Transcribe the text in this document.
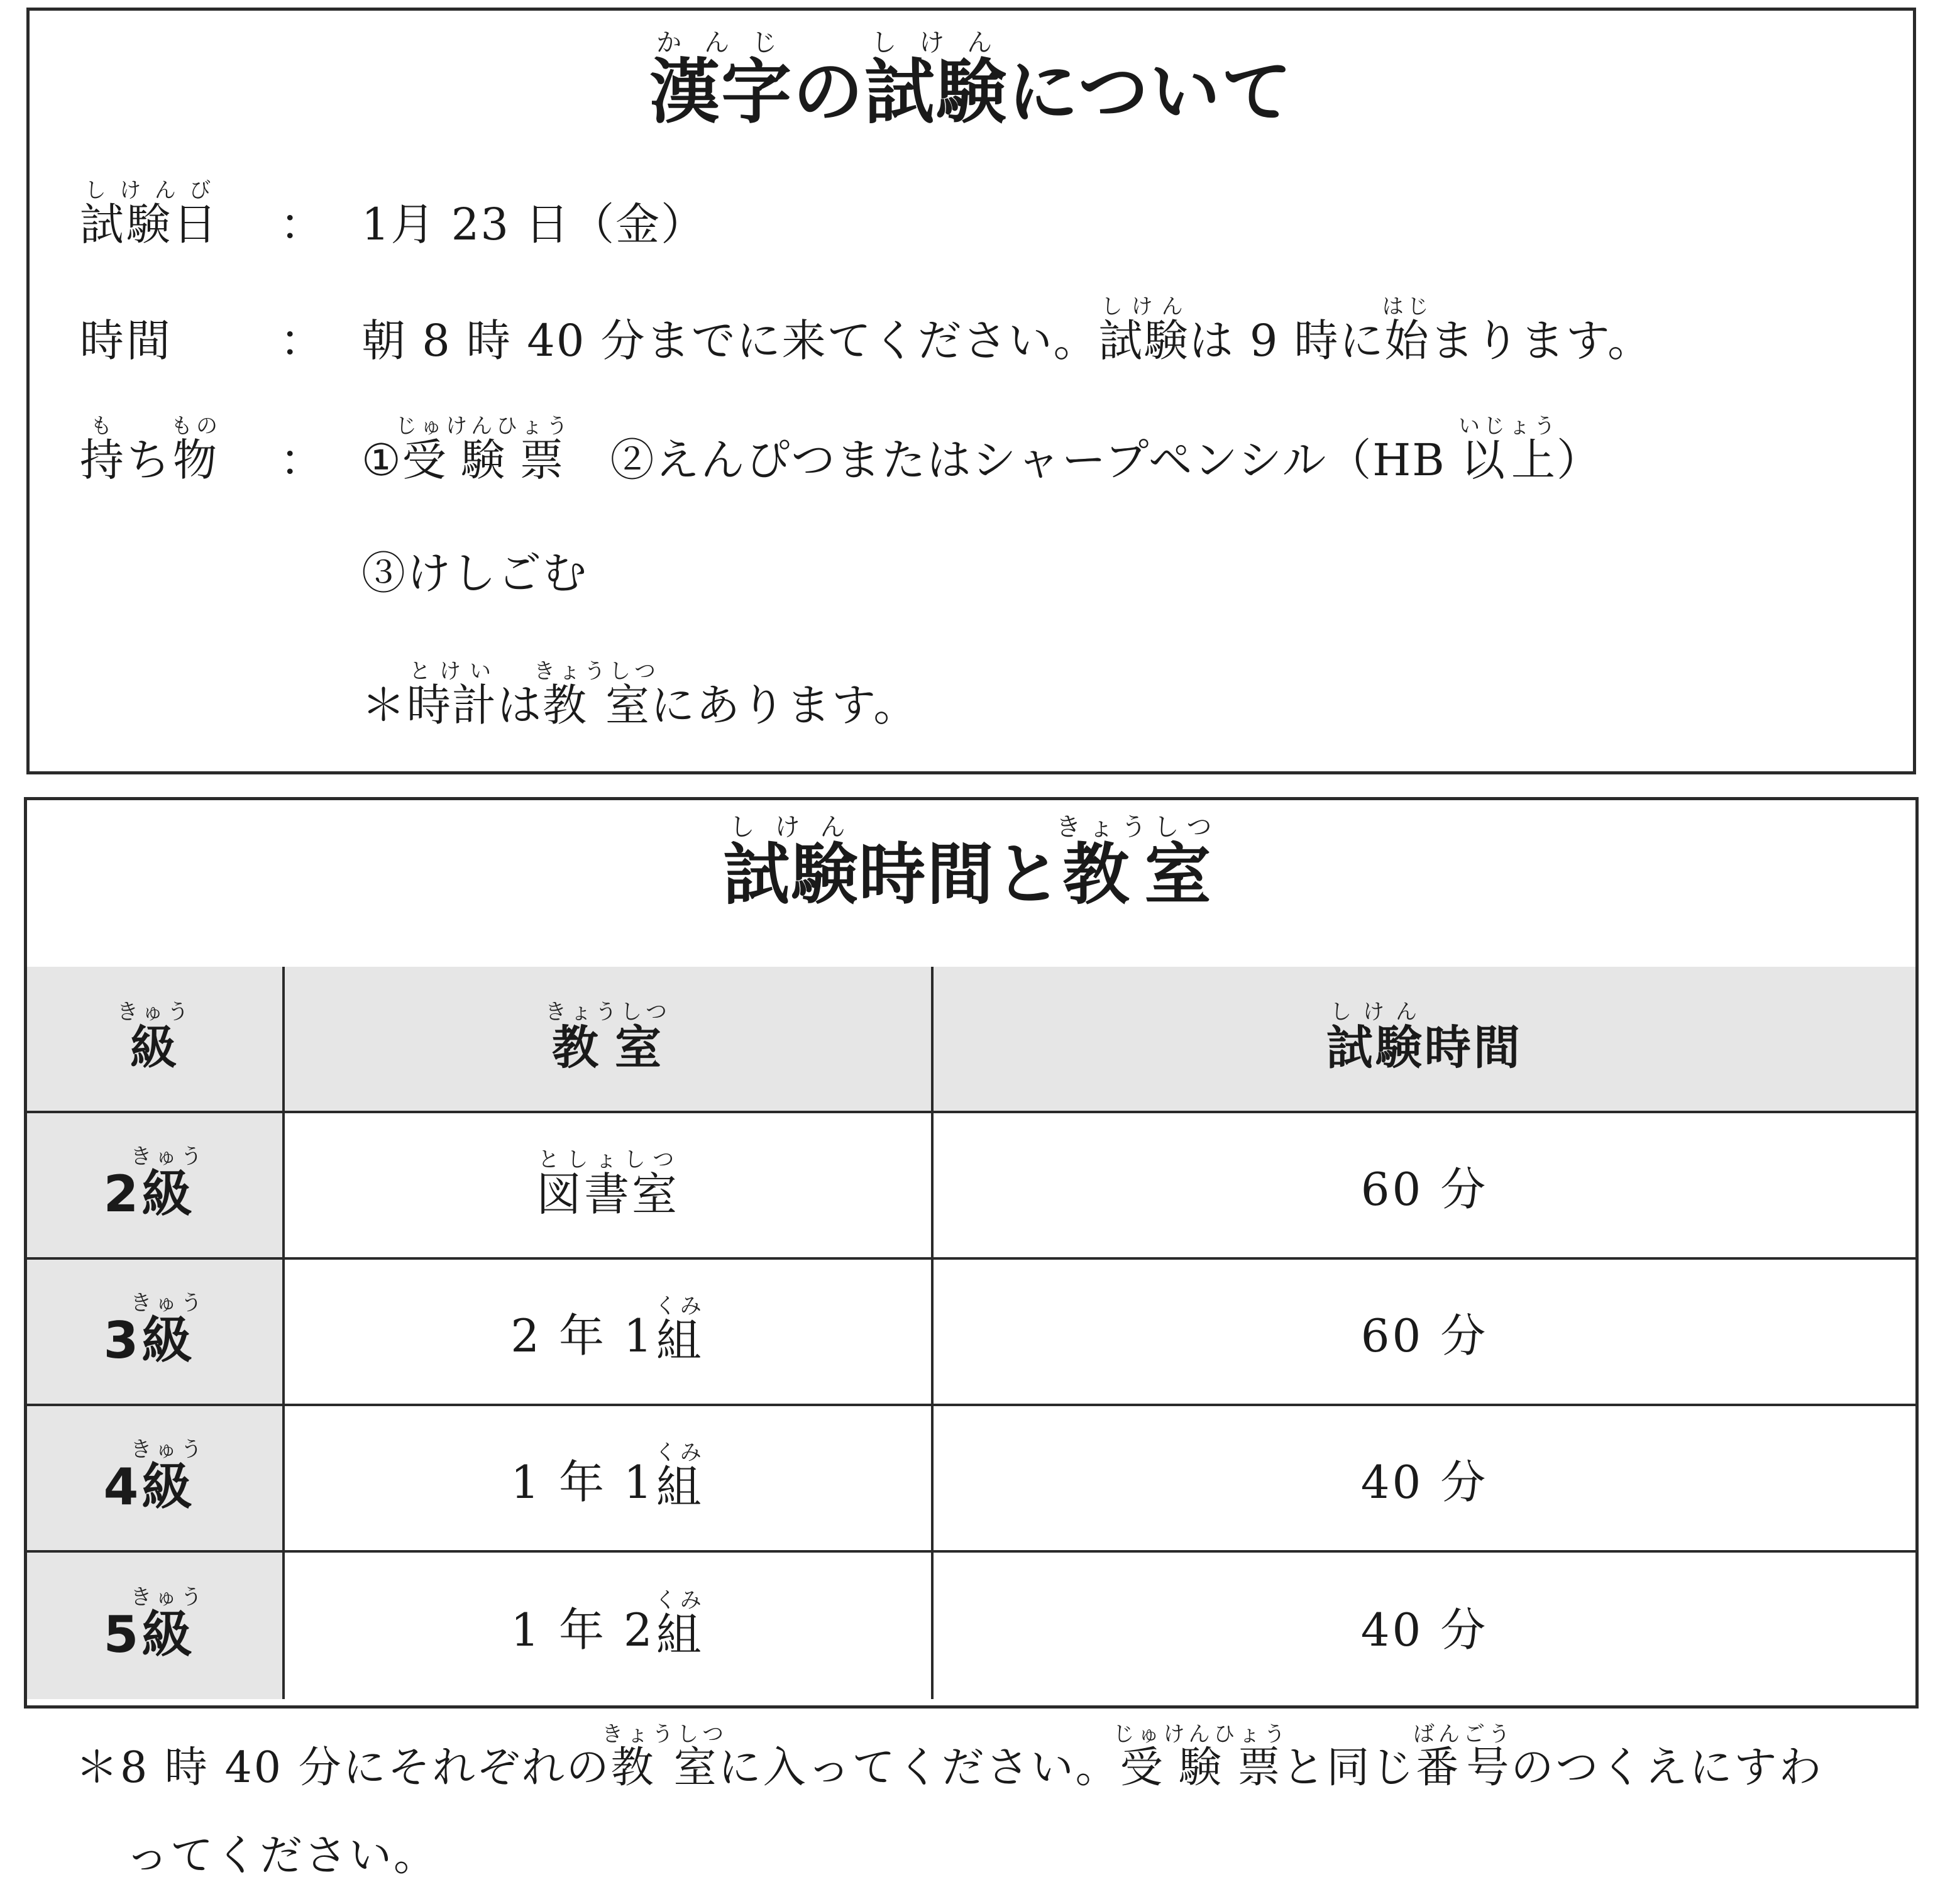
漢字かんじの試験しけんについて
試験日しけんび
： 1月 23 日（金）
時間 ： 朝 8 時 40 分までに来てください。試験しけんは 9 時に始はじまります。
持もち物もの
： ①受験票じゅけんひょう　②えんぴつまたはシャープペンシル（HB 以上いじょう）
③けしごむ
＊時計とけいは教室きょうしつにあります。
試験しけん時間と教室きょうしつ
級きゅう
教室きょうしつ
試験しけん時間
2級きゅう
図書室としょしつ
60 分
3級きゅう
2 年 1 組くみ
60 分
4級きゅう
1 年 1 組くみ
40 分
5級きゅう
1 年 2 組くみ
40 分
＊8 時 40 分にそれぞれの教室きょうしつに入ってください。受験票じゅけんひょうと同じ番号ばんごうのつくえにすわ
ってください。
